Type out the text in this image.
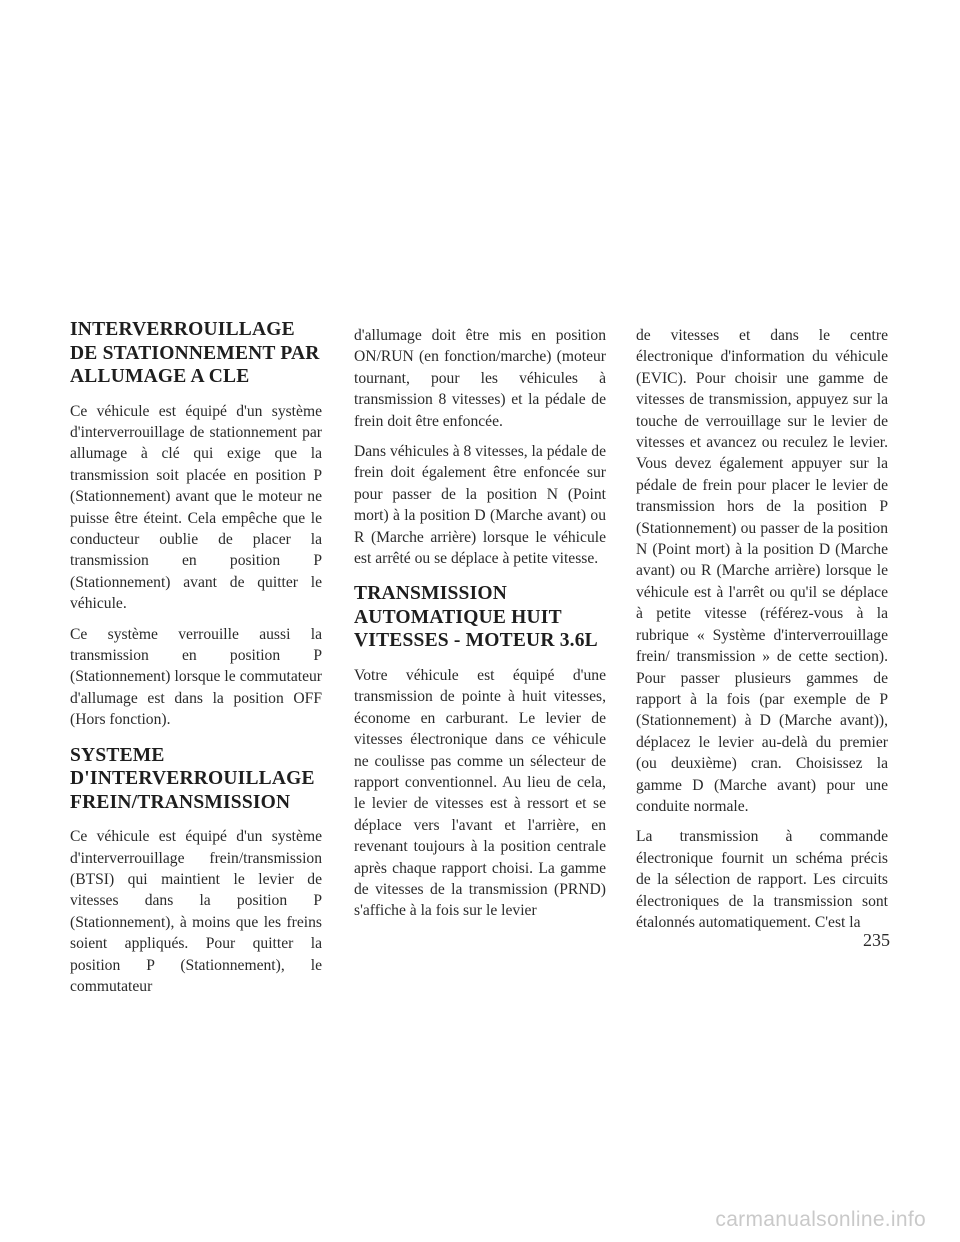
INTERVERROUILLAGE DE STATIONNEMENT PAR ALLUMAGE A CLE

Ce véhicule est équipé d'un système d'interverrouillage de stationnement par allumage à clé qui exige que la transmission soit placée en position P (Stationnement) avant que le moteur ne puisse être éteint. Cela empêche que le conducteur oublie de placer la transmission en position P (Stationnement) avant de quitter le véhicule.

Ce système verrouille aussi la transmission en position P (Stationnement) lorsque le commutateur d'allumage est dans la position OFF (Hors fonction).

SYSTEME D'INTERVERROUILLAGE FREIN/TRANSMISSION

Ce véhicule est équipé d'un système d'interverrouillage frein/transmission (BTSI) qui maintient le levier de vitesses dans la position P (Stationnement), à moins que les freins soient appliqués. Pour quitter la position P (Stationnement), le commutateur

d'allumage doit être mis en position ON/RUN (en fonction/marche) (moteur tournant, pour les véhicules à transmission 8 vitesses) et la pédale de frein doit être enfoncée.

Dans véhicules à 8 vitesses, la pédale de frein doit également être enfoncée sur pour passer de la position N (Point mort) à la position D (Marche avant) ou R (Marche arrière) lorsque le véhicule est arrêté ou se déplace à petite vitesse.

TRANSMISSION AUTOMATIQUE HUIT VITESSES - MOTEUR 3.6L

Votre véhicule est équipé d'une transmission de pointe à huit vitesses, économe en carburant. Le levier de vitesses électronique dans ce véhicule ne coulisse pas comme un sélecteur de rapport conventionnel. Au lieu de cela, le levier de vitesses est à ressort et se déplace vers l'avant et l'arrière, en revenant toujours à la position centrale après chaque rapport choisi. La gamme de vitesses de la transmission (PRND) s'affiche à la fois sur le levier

de vitesses et dans le centre électronique d'information du véhicule (EVIC). Pour choisir une gamme de vitesses de transmission, appuyez sur la touche de verrouillage sur le levier de vitesses et avancez ou reculez le levier. Vous devez également appuyer sur la pédale de frein pour placer le levier de transmission hors de la position P (Stationnement) ou passer de la position N (Point mort) à la position D (Marche avant) ou R (Marche arrière) lorsque le véhicule est à l'arrêt ou qu'il se déplace à petite vitesse (référez-vous à la rubrique « Système d'interverrouillage frein/ transmission » de cette section). Pour passer plusieurs gammes de rapport à la fois (par exemple de P (Stationnement) à D (Marche avant)), déplacez le levier au-delà du premier (ou deuxième) cran. Choisissez la gamme D (Marche avant) pour une conduite normale.

La transmission à commande électronique fournit un schéma précis de la sélection de rapport. Les circuits électroniques de la transmission sont étalonnés automatiquement. C'est la

235
carmanualsonline.info
